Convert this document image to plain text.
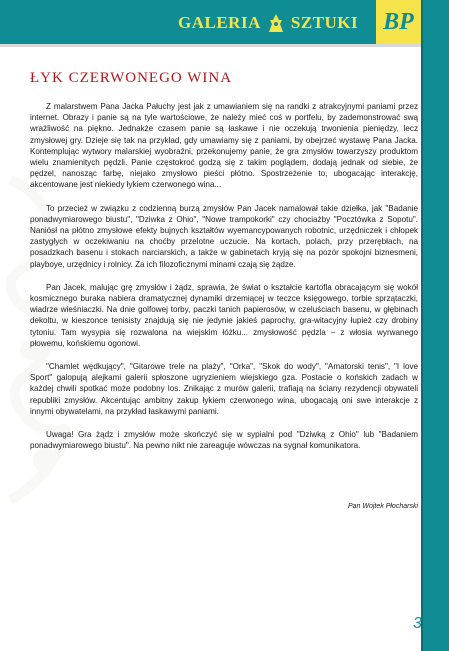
GALERIA SZTUKI BP
ŁYK CZERWONEGO WINA

Z malarstwem Pana Jacka Pałuchy jest jak z umawianiem się na randki z atrakcyjnymi paniami przez internet. Obrazy i panie są na tyle wartościowe, że należy mieć coś w portfelu, by zademonstrować swą wrażliwość na piękno. Jednakże czasem panie są łaskawe i nie oczekują trwonienia pieniędzy, lecz zmysłowej gry. Dzieje się tak na przykład, gdy umawiamy się z paniami, by obejrzeć wystawę Pana Jacka. Kontemplując wytwory malarskiej wyobraźni, przekonujemy panie, że gra zmysłów towarzyszy produktom wielu znamienitych pędzli. Panie częstokroć godzą się z takim poglądem, dodają jednak od siebie, że pędzel, nanosząc farbę, niejako zmysłowo pieści płótno. Spostrzeżenie to, ubogacając interakcję, akcentowane jest niekiedy łykiem czerwonego wina...

To przecież w związku z codzienną burzą zmysłów Pan Jacek namalował takie dziełka, jak "Badanie ponadwymiarowego biustu", "Dziwka z Ohio", "Nowe trampokorki" czy chociażby "Pocztówka z Sopotu". Naniósł na płótno zmysłowe efekty bujnych kształtów wyemancypowanych robotnic, urzędniczek i chłopek zastygłych w oczekiwaniu na choćby przelotne uczucie. Na kortach, polach, przy przerębłach, na posadzkach basenu i stokach narciarskich, a także w gabinetach kryją się na pozór spokojni biznesmeni, playboye, urzędnicy i rolnicy. Za ich filozoficznymi minami czają się żądze.

Pan Jacek, malując grę zmysłów i żądz, sprawia, że świat o kształcie kartofla obracającym się wokół kosmicznego buraka nabiera dramatycznej dynamiki drzemiącej w teczce księgowego, torbie sprzątaczki, wiadrze wieśniaczki. Na dnie golfowej torby, paczki tanich papierosów, w czeluściach basenu, w głębinach dekoltu, w kieszonce tenisisty znajdują się nie jedynie jakieś paprochy, gra-witacyjny łupież czy drobiny tytoniu. Tam wysypia się rozwalona na wiejskim łóżku... zmysłowość pędzla – z włosia wyrwanego płowemu, końskiemu ogonowi.

"Chamlet wędkujący", "Gitarowe trele na plaży", "Orka", "Skok do wody", "Amatorski tenis", "I love Sport" galopują alejkami galerii spłoszone ugryzieniem wiejskiego gza. Postacie o końskich zadach w każdej chwili spotkać może podobny los. Znikając z murów galerii, trafiają na ściany rezydencji obywateli republiki zmysłów. Akcentując ambitny zakup łykiem czerwonego wina, ubogacają oni swe interakcje z innymi obywatelami, na przykład łaskawymi paniami.

Uwaga! Gra żądz i zmysłów może skończyć się w sypialni pod "Dziwką z Ohio" lub "Badaniem ponadwymiarowego biustu". Na pewno nikt nie zareaguje wówczas na sygnał komunikatora.

Pan Wojtek Płocharski
3
